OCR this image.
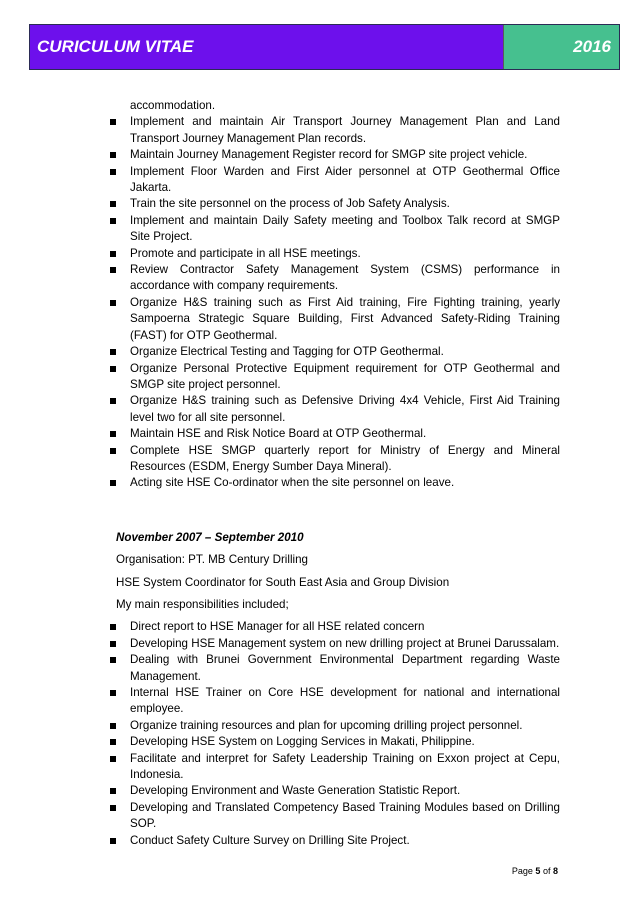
CURICULUM VITAE	2016
accommodation.
Implement and maintain Air Transport Journey Management Plan and Land Transport Journey Management Plan records.
Maintain Journey Management Register record for SMGP site project vehicle.
Implement Floor Warden and First Aider personnel at OTP Geothermal Office Jakarta.
Train the site personnel on the process of Job Safety Analysis.
Implement and maintain Daily Safety meeting and Toolbox Talk record at SMGP Site Project.
Promote and participate in all HSE meetings.
Review Contractor Safety Management System (CSMS) performance in accordance with company requirements.
Organize H&S training such as First Aid training, Fire Fighting training, yearly Sampoerna Strategic Square Building, First Advanced Safety-Riding Training (FAST) for OTP Geothermal.
Organize Electrical Testing and Tagging for OTP Geothermal.
Organize Personal Protective Equipment requirement for OTP Geothermal and SMGP site project personnel.
Organize H&S training such as Defensive Driving 4x4 Vehicle, First Aid Training level two for all site personnel.
Maintain HSE and Risk Notice Board at OTP Geothermal.
Complete HSE SMGP quarterly report for Ministry of Energy and Mineral Resources (ESDM, Energy Sumber Daya Mineral).
Acting site HSE Co-ordinator when the site personnel on leave.
November 2007 – September 2010
Organisation: PT. MB Century Drilling
HSE System Coordinator for South East Asia and Group Division
My main responsibilities included;
Direct report to HSE Manager for all HSE related concern
Developing HSE Management system on new drilling project at Brunei Darussalam.
Dealing with Brunei Government Environmental Department regarding Waste Management.
Internal HSE Trainer on Core HSE development for national and international employee.
Organize training resources and plan for upcoming drilling project personnel.
Developing HSE System on Logging Services in Makati, Philippine.
Facilitate and interpret for Safety Leadership Training on Exxon project at Cepu, Indonesia.
Developing Environment and Waste Generation Statistic Report.
Developing and Translated Competency Based Training Modules based on Drilling SOP.
Conduct Safety Culture Survey on Drilling Site Project.
Page 5 of 8
